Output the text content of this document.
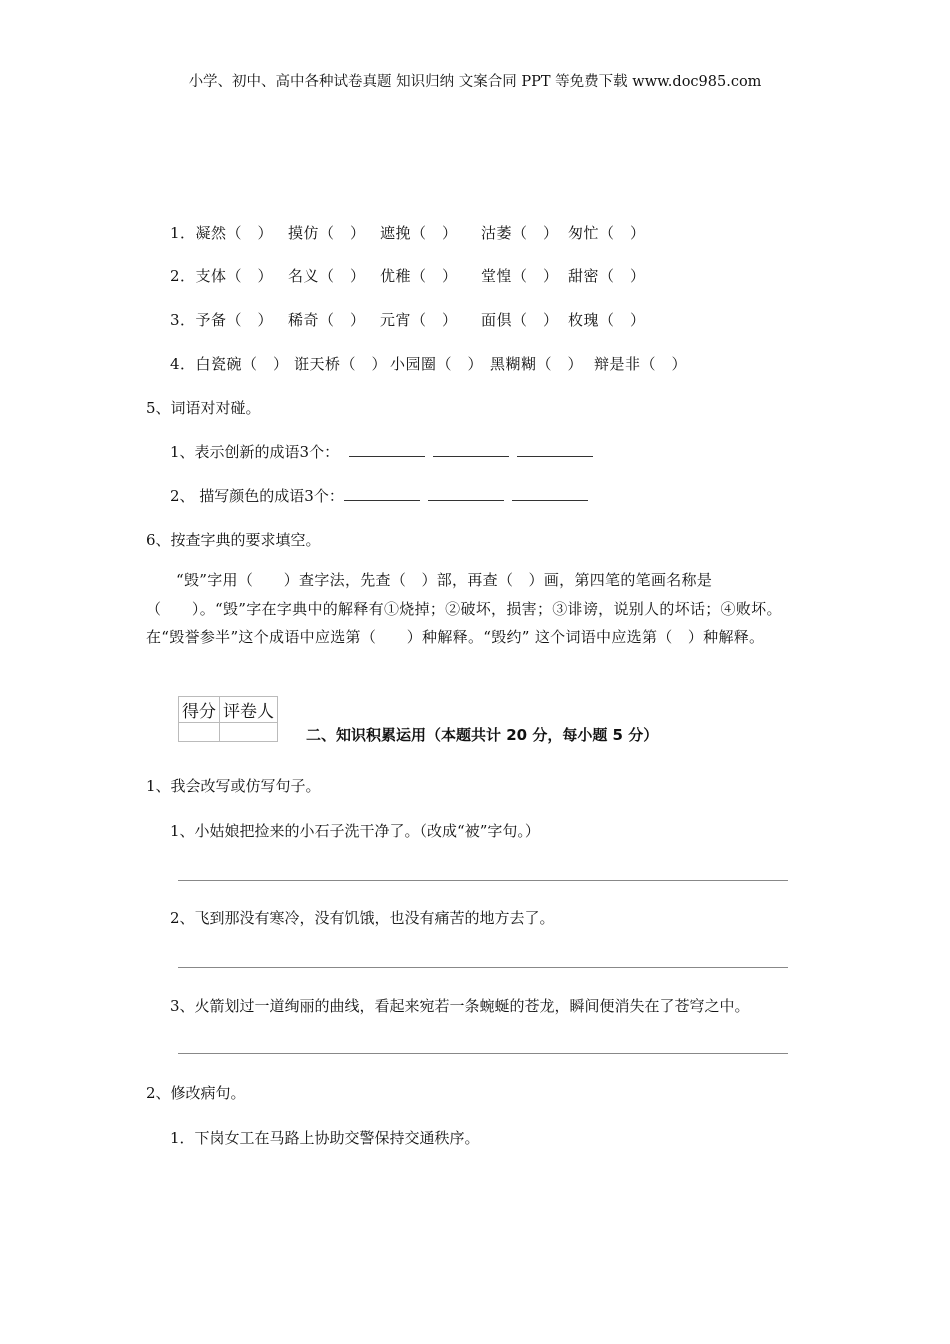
小学、初中、高中各种试卷真题 知识归纳 文案合同 PPT 等免费下载 www.doc985.com
1．凝然（　） 摸仿（　） 遮挽（　） 沽萎（　） 匆忙（　）
2．支体（　） 名义（　） 优稚（　） 堂惶（　） 甜密（　）
3．予备（　） 稀奇（　） 元宵（　） 面倶（　） 枚瑰（　）
4．白瓷碗（　） 诳天桥（　） 小园圈（　） 黑糊糊（　） 辩是非（　）
5、词语对对碰。
1、表示创新的成语3个：
2、 描写颜色的成语3个：
6、按查字典的要求填空。

“毁”字用（　　）查字法，先查（　）部，再查（　）画，第四笔的笔画名称是（　　）。“毁”字在字典中的解释有①烧掉；②破坏，损害；③诽谤，说别人的坏话；④败坏。在“毁誉参半”这个成语中应选第（　　）种解释。“毁约” 这个词语中应选第（　）种解释。

得分	评卷人

二、知识积累运用（本题共计 20 分，每小题 5 分）
1、我会改写或仿写句子。
1、小姑娘把捡来的小石子洗干净了。（改成“被”字句。）
2、飞到那没有寒冷，没有饥饿，也没有痛苦的地方去了。
3、火箭划过一道绚丽的曲线，看起来宛若一条蜿蜒的苍龙，瞬间便消失在了苍穹之中。
2、修改病句。
1．下岗女工在马路上协助交警保持交通秩序。
